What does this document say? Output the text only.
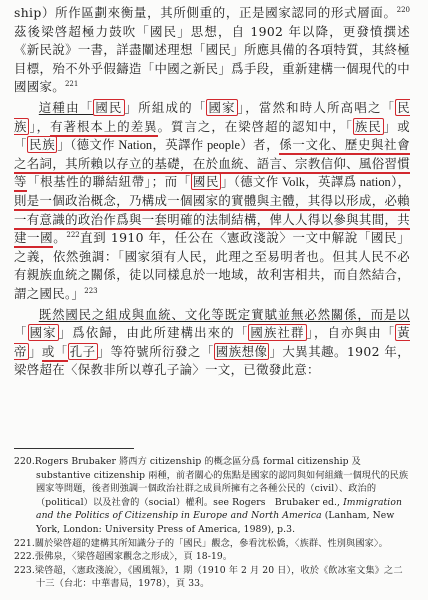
ship）所作區劃來衡量，其所側重的，正是國家認同的形式層面。$^{220}$茲後梁啓超極力鼓吹「國民」思想，自 1902 年以降，更發憤撰述《新民說》一書，詳盡闡述理想「國民」所應具備的各項特質，其終極目標，殆不外乎假鑄造「中國之新民」爲手段，重新建構一個現代的中國國家。$^{221}$

這種由「 國民 」所組成的「 國家 」，當然和時人所高唱之「 民族 」，有著根本上的差異。質言之，在梁啓超的認知中，「 族民 」或「 民族 」（德文作 Nation，英譯作 people）者，係一文化、歷史與社會之名詞，其所賴以存立的基礎，在於血統、語言、宗教信仰、風俗習慣等「根基性的聯結紐帶」；而「 國民 」（德文作 Volk，英譯爲 nation），則是一個政治概念，乃構成一個國家的實體與主體，其得以形成，必賴一有意識的政治作爲與一套明確的法制結構，俾人人得以參與其間，共建一國。$^{222}$直到 1910 年，任公在〈憲政淺說〉一文中解說「國民」之義，依然強調：「國家須有人民，此理之至易明者也。但其人民不必有親族血統之關係，徒以同樣息於一地域，故利害相共，而自然結合，謂之國民。」$^{223}$

既然國民之組成與血統、文化等既定實賦並無必然關係，而是以「 國家 」爲依歸，由此所建構出來的「 國族社群 」，自亦與由「 黃帝 」或「 孔子 」等符號所衍發之「 國族想像 」大異其趣。1902 年，梁啓超在〈保教非所以尊孔子論〉一文，已徵發此意：

220.Rogers Brubaker 將西方 citizenship 的概念區分爲 formal citizenship 及 substantive citizenship 兩種，前者關心的焦點是國家的認同與如何組織一個現代的民族國家等問題，後者則強調一個政治社群之成員所擁有之各種公民的（civil）、政治的（political）以及社會的（social）權利。see Rogers　Brubaker ed., Immigration and the Politics of Citizenship in Europe and North America (Lanham, New York, London: University Press of America, 1989), p.3.

221.關於梁啓超的建構其所知識分子的「國民」觀念，參看沈松僑，〈族群、性別與國家〉。

222.張佛泉，〈梁啓超國家觀念之形成〉，頁 18-19。

223.梁啓超，〈憲政淺說〉，《國風報》，1 期（1910 年 2 月 20 日），收於《飲冰室文集》之二十三（台北：中華書局，1978），頁 33。
